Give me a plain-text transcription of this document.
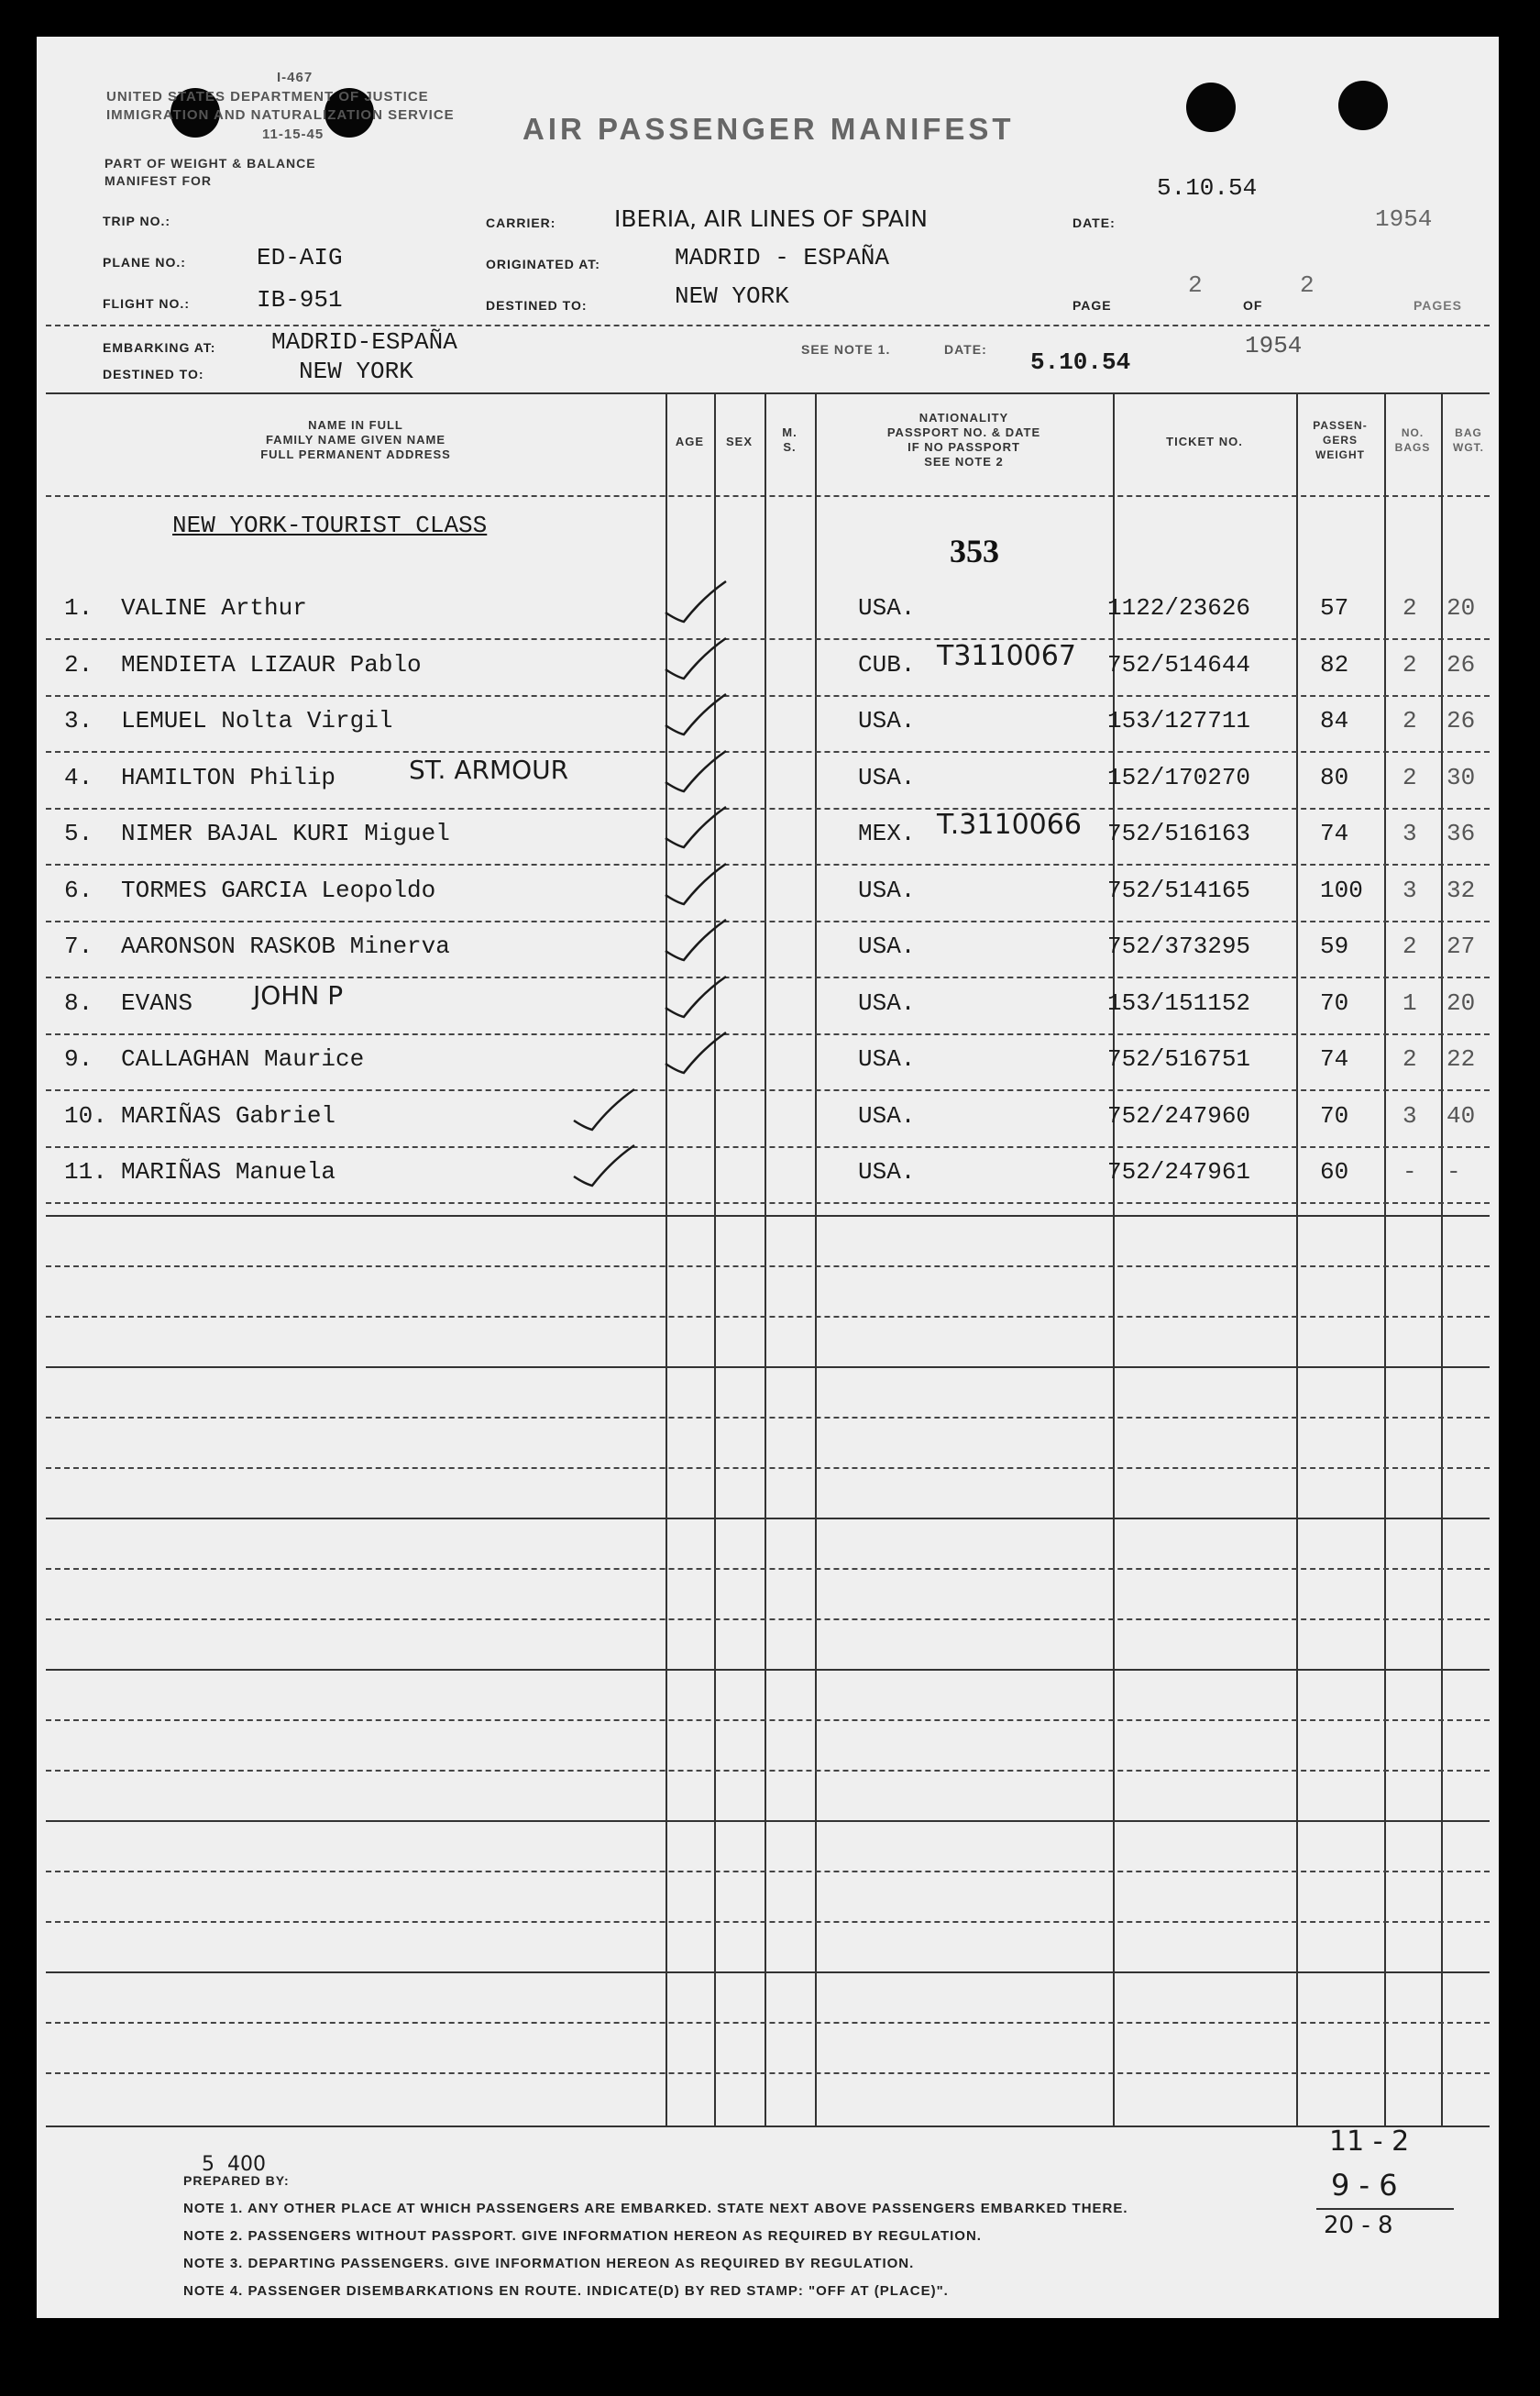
I-467
UNITED STATES DEPARTMENT OF JUSTICE
IMMIGRATION AND NATURALIZATION SERVICE
11-15-45
PART OF WEIGHT & BALANCE
MANIFEST FOR
AIR PASSENGER MANIFEST
TRIP NO.:
PLANE NO.:	ED-AIG
FLIGHT NO.:	IB-951
CARRIER:	IBERIA, AIR LINES OF SPAIN
ORIGINATED AT:	MADRID - ESPAÑA
DESTINED TO:	NEW YORK
5.10.54
DATE:	1954
PAGE
2
OF
2
PAGES
EMBARKING AT: MADRID-ESPAÑA
DESTINED TO:	NEW YORK
SEE NOTE 1.	DATE: 5.10.54
1954
NAME IN FULL
FAMILY NAME GIVEN NAME
FULL PERMANENT ADDRESS
AGE	SEX
M.
S.
NATIONALITY
PASSPORT NO. & DATE
IF NO PASSPORT
SEE NOTE 2
TICKET NO.
PASSEN-
GERS
WEIGHT
NO.
BAGS
BAG
WGT.
NEW YORK-TOURIST CLASS
353
1. VALINE Arthur	USA.	1122/23626	57 2 20
2. MENDIETA LIZAUR Pablo	CUB. T3110067 752/514644	82 2 26
3. LEMUEL Nolta Virgil	USA.	153/127711	84 2 26
4. HAMILTON Philip	ST. ARMOUR	USA.	152/170270	80 2 30
5. NIMER BAJAL KURI Miguel	MEX. T.3110066 752/516163	74 3 36
6. TORMES GARCIA Leopoldo	USA.	752/514165	100 3 32
7. AARONSON RASKOB Minerva	USA.	752/373295	59 2 27
8. EVANS JOHN P	USA.	153/151152	70 1 20
9. CALLAGHAN Maurice	USA.	752/516751	74 2 22
10. MARIÑAS Gabriel	USA.	752/247960	70 3 40
11. MARIÑAS Manuela	USA.	752/247961	60 - -
5  400
PREPARED BY:
11 - 2
9 - 6
20 - 8
NOTE 1. ANY OTHER PLACE AT WHICH PASSENGERS ARE EMBARKED. STATE NEXT ABOVE PASSENGERS EMBARKED THERE.
NOTE 2. PASSENGERS WITHOUT PASSPORT. GIVE INFORMATION HEREON AS REQUIRED BY REGULATION.
NOTE 3. DEPARTING PASSENGERS. GIVE INFORMATION HEREON AS REQUIRED BY REGULATION.
NOTE 4. PASSENGER DISEMBARKATIONS EN ROUTE. INDICATE(D) BY RED STAMP: "OFF AT (PLACE)".
